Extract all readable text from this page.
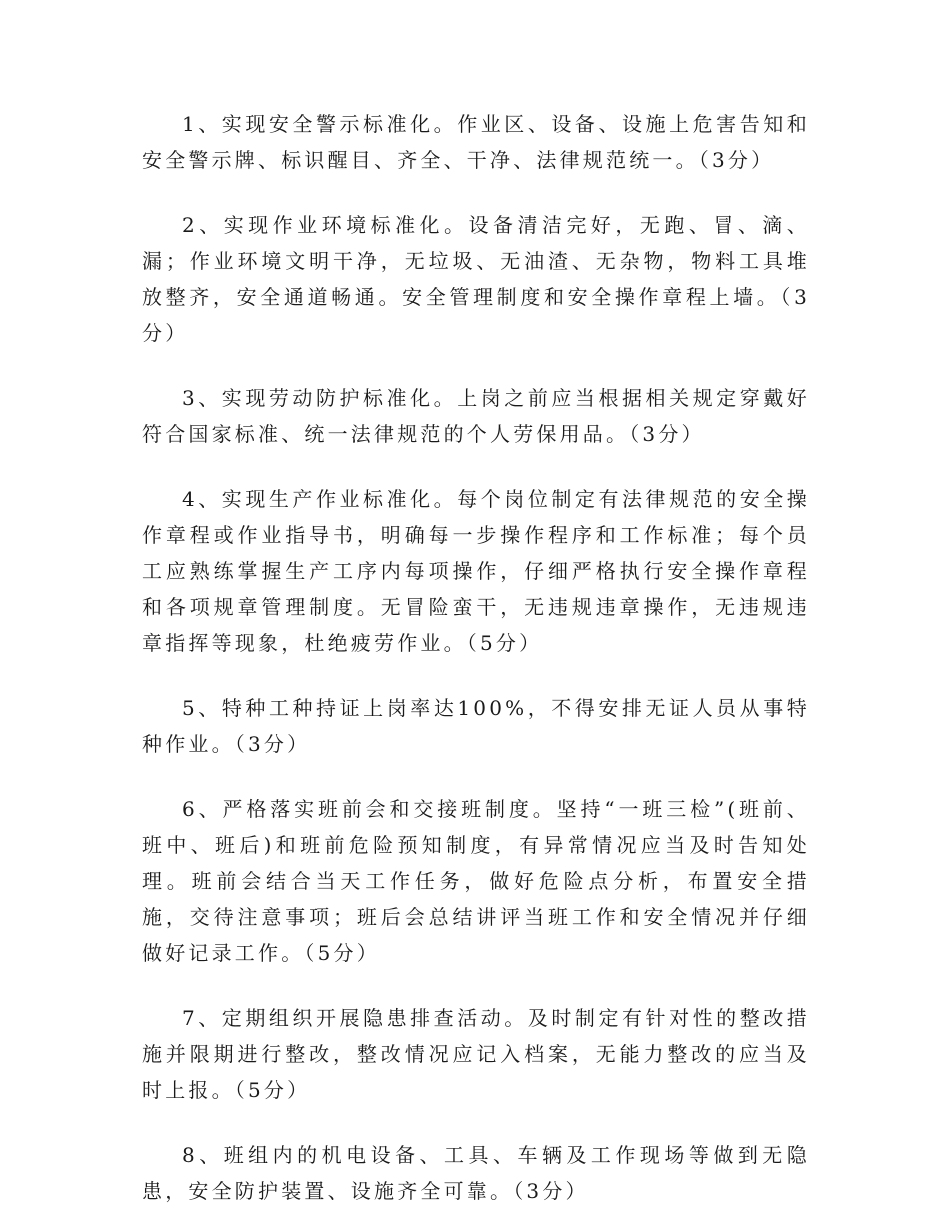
1、实现安全警示标准化。作业区、设备、设施上危害告知和安全警示牌、标识醒目、齐全、干净、法律规范统一。（3分）

2、实现作业环境标准化。设备清洁完好，无跑、冒、滴、漏；作业环境文明干净，无垃圾、无油渣、无杂物，物料工具堆放整齐，安全通道畅通。安全管理制度和安全操作章程上墙。（3分）

3、实现劳动防护标准化。上岗之前应当根据相关规定穿戴好符合国家标准、统一法律规范的个人劳保用品。（3分）

4、实现生产作业标准化。每个岗位制定有法律规范的安全操作章程或作业指导书，明确每一步操作程序和工作标准；每个员工应熟练掌握生产工序内每项操作，仔细严格执行安全操作章程和各项规章管理制度。无冒险蛮干，无违规违章操作，无违规违章指挥等现象，杜绝疲劳作业。（5分）

5、特种工种持证上岗率达100%，不得安排无证人员从事特种作业。（3分）

6、严格落实班前会和交接班制度。坚持“一班三检”(班前、班中、班后)和班前危险预知制度，有异常情况应当及时告知处理。班前会结合当天工作任务，做好危险点分析，布置安全措施，交待注意事项；班后会总结讲评当班工作和安全情况并仔细做好记录工作。（5分）

7、定期组织开展隐患排查活动。及时制定有针对性的整改措施并限期进行整改，整改情况应记入档案，无能力整改的应当及时上报。（5分）

8、班组内的机电设备、工具、车辆及工作现场等做到无隐患，安全防护装置、设施齐全可靠。（3分）
